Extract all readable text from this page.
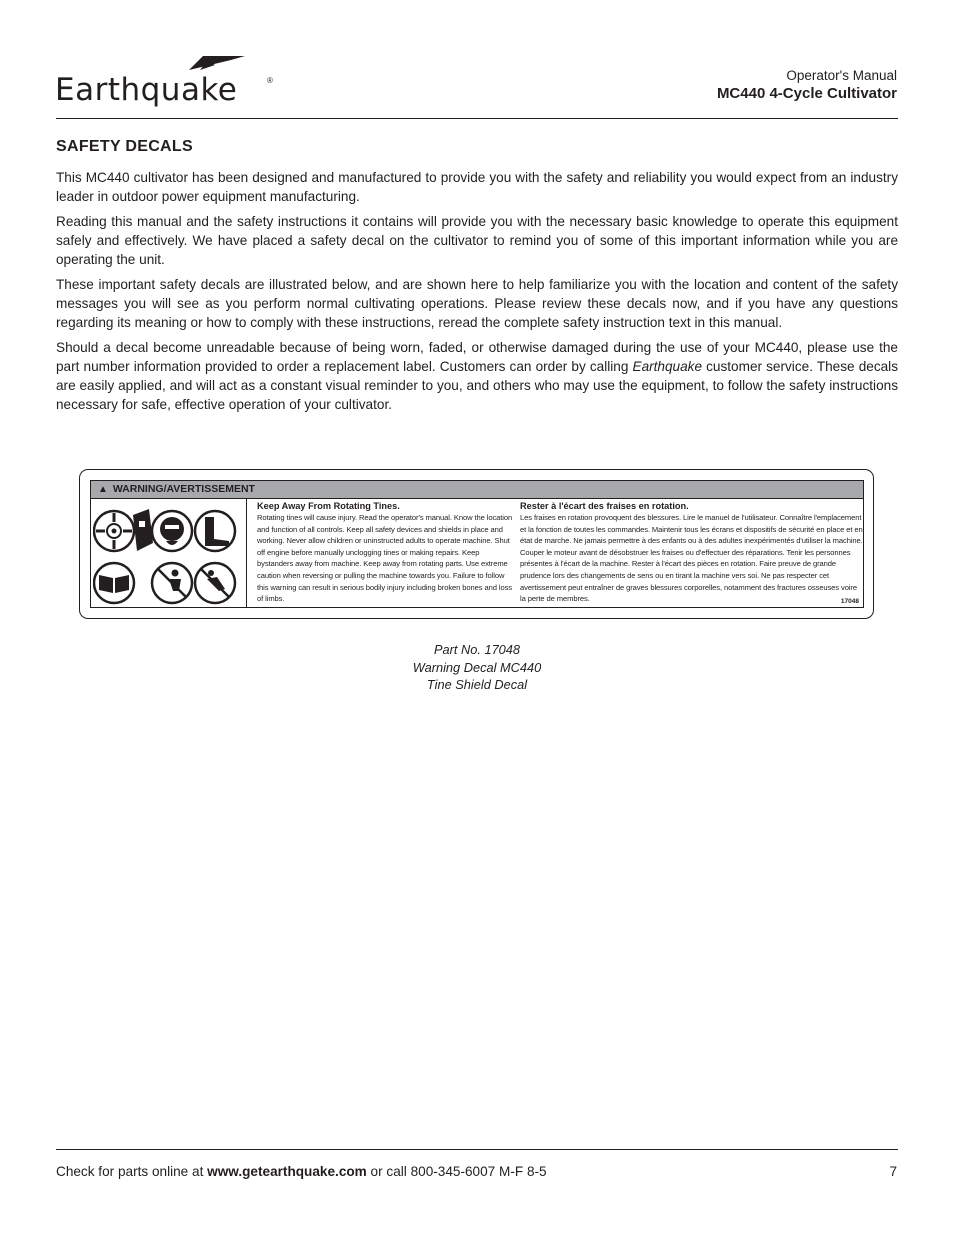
Earthquake	®	Operator's Manual
MC440 4-Cycle Cultivator
SAFETY DECALS

This MC440 cultivator has been designed and manufactured to provide you with the safety and reliability you would expect from an industry leader in outdoor power equipment manufacturing.

Reading this manual and the safety instructions it contains will provide you with the necessary basic knowledge to operate this equipment safely and effectively. We have placed a safety decal on the cultivator to remind you of some of this important information while you are operating the unit.

These important safety decals are illustrated below, and are shown here to help familiarize you with the location and content of the safety messages you will see as you perform normal cultivating operations. Please review these decals now, and if you have any questions regarding its meaning or how to comply with these instructions, reread the complete safety instruction text in this manual.

Should a decal become unreadable because of being worn, faded, or otherwise damaged during the use of your MC440, please use the part number information provided to order a replacement label. Customers can order by calling Earthquake customer service. These decals are easily applied, and will act as a constant visual reminder to you, and others who may use the equipment, to follow the safety instructions necessary for safe, effective operation of your cultivator.

▲ WARNING/AVERTISSEMENT
Keep Away From Rotating Tines.
Rotating tines will cause injury. Read the operator's manual. Know the location and function of all controls. Keep all safety devices and shields in place and working. Never allow children or uninstructed adults to operate machine. Shut off engine before manually unclogging tines or making repairs. Keep bystanders away from machine. Keep away from rotating parts. Use extreme caution when reversing or pulling the machine towards you. Failure to follow this warning can result in serious bodily injury including broken bones and loss of limbs.
Rester à l'écart des fraises en rotation.
Les fraises en rotation provoquent des blessures. Lire le manuel de l'utilisateur. Connaître l'emplacement et la fonction de toutes les commandes. Maintenir tous les écrans et dispositifs de sécurité en place et en état de marche. Ne jamais permettre à des enfants ou à des adultes inexpérimentés d'utiliser la machine. Couper le moteur avant de désobstruer les fraises ou d'effectuer des réparations. Tenir les personnes présentes à l'écart de la machine. Rester à l'écart des pièces en rotation. Faire preuve de grande prudence lors des changements de sens ou en tirant la machine vers soi. Ne pas respecter cet avertissement peut entraîner de graves blessures corporelles, notamment des fractures osseuses voire la perte de membres.	17048
Part No. 17048
Warning Decal MC440
Tine Shield Decal
Check for parts online at www.getearthquake.com or call 800-345-6007 M-F 8-5	7
